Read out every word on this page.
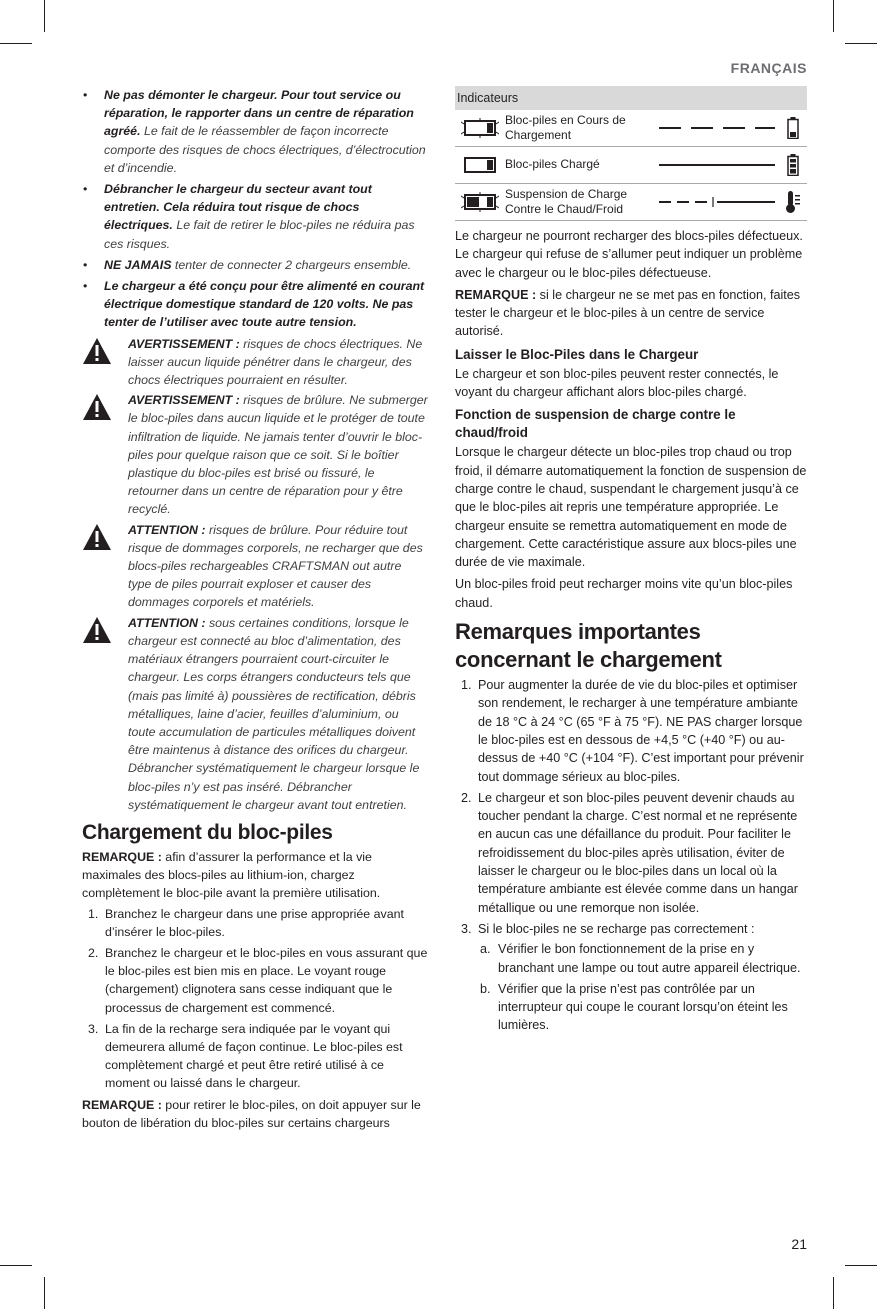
FRANÇAIS
21
• Ne pas démonter le chargeur. Pour tout service ou réparation, le rapporter dans un centre de réparation agréé. Le fait de le réassembler de façon incorrecte comporte des risques de chocs électriques, d’électrocution et d’incendie.
• Débrancher le chargeur du secteur avant tout entretien. Cela réduira tout risque de chocs électriques. Le fait de retirer le bloc-piles ne réduira pas ces risques.
• NE JAMAIS tenter de connecter 2 chargeurs ensemble.
• Le chargeur a été conçu pour être alimenté en courant électrique domestique standard de 120 volts. Ne pas tenter de l’utiliser avec toute autre tension.
AVERTISSEMENT : risques de chocs électriques. Ne laisser aucun liquide pénétrer dans le chargeur, des chocs électriques pourraient en résulter.
AVERTISSEMENT : risques de brûlure. Ne submerger le bloc-piles dans aucun liquide et le protéger de toute infiltration de liquide. Ne jamais tenter d’ouvrir le bloc-piles pour quelque raison que ce soit. Si le boîtier plastique du bloc-piles est brisé ou fissuré, le retourner dans un centre de réparation pour y être recyclé.
ATTENTION : risques de brûlure. Pour réduire tout risque de dommages corporels, ne recharger que des blocs-piles rechargeables CRAFTSMAN out autre type de piles pourrait exploser et causer des dommages corporels et matériels.
ATTENTION : sous certaines conditions, lorsque le chargeur est connecté au bloc d’alimentation, des matériaux étrangers pourraient court-circuiter le chargeur. Les corps étrangers conducteurs tels que (mais pas limité à) poussières de rectification, débris métalliques, laine d’acier, feuilles d’aluminium, ou toute accumulation de particules métalliques doivent être maintenus à distance des orifices du chargeur. Débrancher systématiquement le chargeur lorsque le bloc-piles n’y est pas inséré. Débrancher systématiquement le chargeur avant tout entretien.
Chargement du bloc-piles

REMARQUE : afin d’assurer la performance et la vie maximales des blocs-piles au lithium-ion, chargez complètement le bloc-pile avant la première utilisation.

1. Branchez le chargeur dans une prise appropriée avant d’insérer le bloc-piles.
2. Branchez le chargeur et le bloc-piles en vous assurant que le bloc-piles est bien mis en place. Le voyant rouge (chargement) clignotera sans cesse indiquant que le processus de chargement est commencé.
3. La fin de la recharge sera indiquée par le voyant qui demeurera allumé de façon continue. Le bloc-piles est complètement chargé et peut être retiré utilisé à ce moment ou laissé dans le chargeur.

REMARQUE : pour retirer le bloc-piles, on doit appuyer sur le bouton de libération du bloc-piles sur certains chargeurs

Indicateurs
Bloc-piles en Cours de Chargement
Bloc-piles Chargé
Suspension de Charge Contre le Chaud/Froid

Le chargeur ne pourront recharger des blocs-piles défectueux. Le chargeur qui refuse de s’allumer peut indiquer un problème avec le chargeur ou le bloc-piles défectueuse.

REMARQUE : si le chargeur ne se met pas en fonction, faites tester le chargeur et le bloc-piles à un centre de service autorisé.

Laisser le Bloc-Piles dans le Chargeur

Le chargeur et son bloc-piles peuvent rester connectés, le voyant du chargeur affichant alors bloc-piles chargé.

Fonction de suspension de charge contre le chaud/froid

Lorsque le chargeur détecte un bloc-piles trop chaud ou trop froid, il démarre automatiquement la fonction de suspension de charge contre le chaud, suspendant le chargement jusqu’à ce que le bloc-piles ait repris une température appropriée. Le chargeur ensuite se remettra automatiquement en mode de chargement. Cette caractéristique assure aux blocs-piles une durée de vie maximale.

Un bloc-piles froid peut recharger moins vite qu’un bloc-piles chaud.

Remarques importantes concernant le chargement
1. Pour augmenter la durée de vie du bloc-piles et optimiser son rendement, le recharger à une température ambiante de 18 °C à 24 °C (65 °F à 75 °F). NE PAS charger lorsque le bloc-piles est en dessous de +4,5 °C (+40 °F) ou au-dessus de +40 °C (+104 °F). C’est important pour prévenir tout dommage sérieux au bloc-piles.
2. Le chargeur et son bloc-piles peuvent devenir chauds au toucher pendant la charge. C’est normal et ne représente en aucun cas une défaillance du produit. Pour faciliter le refroidissement du bloc-piles après utilisation, éviter de laisser le chargeur ou le bloc-piles dans un local où la température ambiante est élevée comme dans un hangar métallique ou une remorque non isolée.
3. Si le bloc-piles ne se recharge pas correctement :
a. Vérifier le bon fonctionnement de la prise en y branchant une lampe ou tout autre appareil électrique.
b. Vérifier que la prise n’est pas contrôlée par un interrupteur qui coupe le courant lorsqu’on éteint les lumières.
